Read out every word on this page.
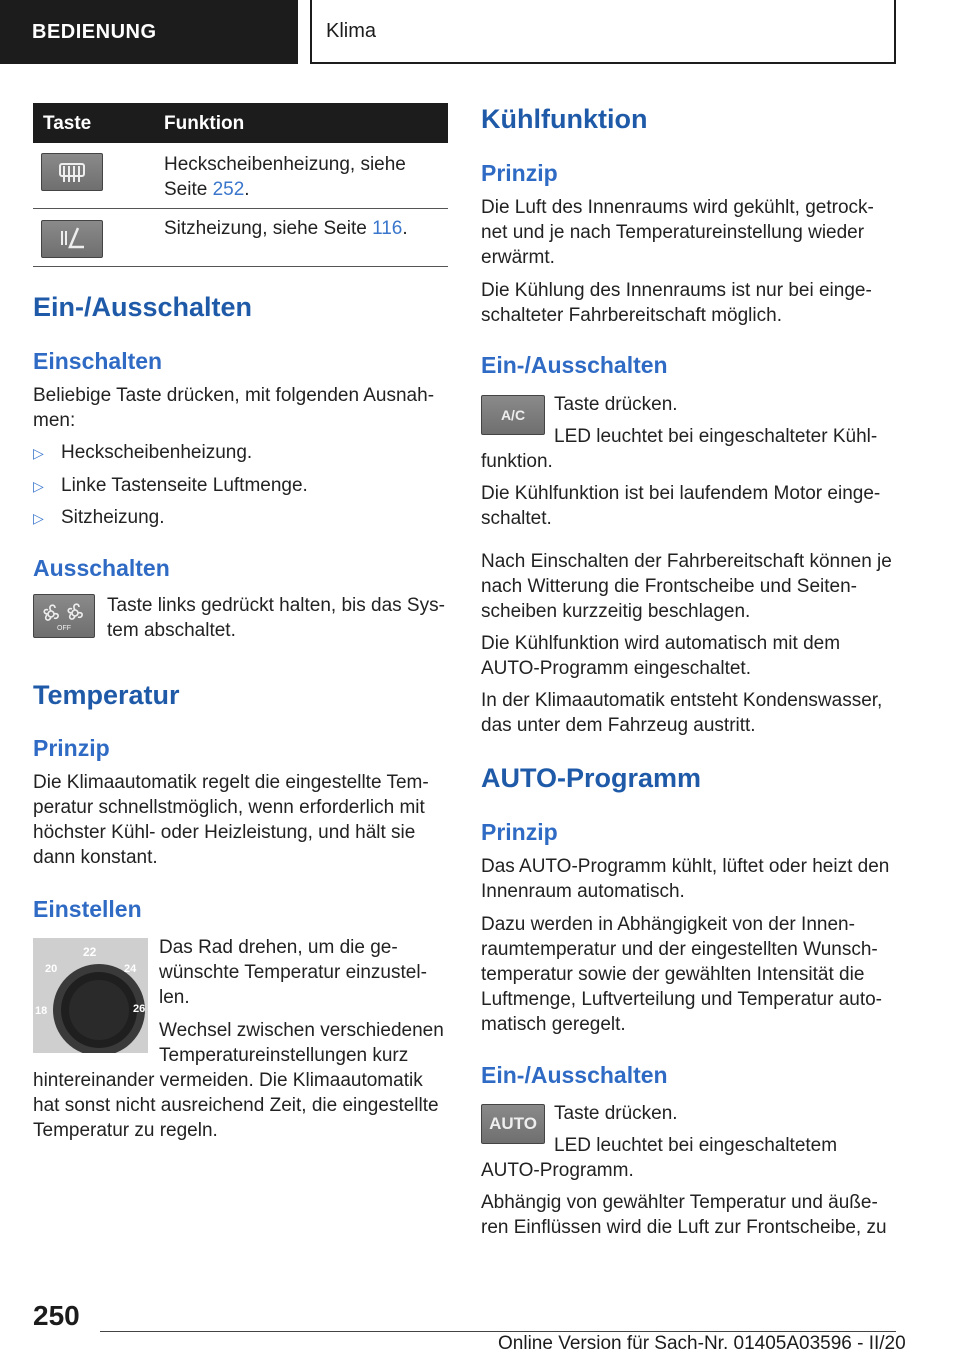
BEDIENUNG	Klima
Taste	Funktion
Heckscheibenheizung, siehe
Seite 252.
Sitzheizung, siehe Seite 116.
Ein-/Ausschalten
Einschalten
Beliebige Taste drücken, mit folgenden Ausnah-
men:
▷ Heckscheibenheizung.
▷ Linke Tastenseite Luftmenge.
▷ Sitzheizung.
Ausschalten
OFF
Taste links gedrückt halten, bis das Sys-
tem abschaltet.
Temperatur
Prinzip
Die Klimaautomatik regelt die eingestellte Tem-
peratur schnellstmöglich, wenn erforderlich mit
höchster Kühl- oder Heizleistung, und hält sie
dann konstant.
Einstellen
22
20	24
18	26
Das Rad drehen, um die ge-
wünschte Temperatur einzustel-
len.
Wechsel zwischen verschiedenen
Temperatureinstellungen kurz
hintereinander vermeiden. Die Klimaautomatik
hat sonst nicht ausreichend Zeit, die eingestellte
Temperatur zu regeln.
Kühlfunktion
Prinzip
Die Luft des Innenraums wird gekühlt, getrock-
net und je nach Temperatureinstellung wieder
erwärmt.
Die Kühlung des Innenraums ist nur bei einge-
schalteter Fahrbereitschaft möglich.
Ein-/Ausschalten
A/C Taste drücken.
LED leuchtet bei eingeschalteter Kühl-
funktion.
Die Kühlfunktion ist bei laufendem Motor einge-
schaltet.
Nach Einschalten der Fahrbereitschaft können je
nach Witterung die Frontscheibe und Seiten-
scheiben kurzzeitig beschlagen.
Die Kühlfunktion wird automatisch mit dem
AUTO-Programm eingeschaltet.
In der Klimaautomatik entsteht Kondenswasser,
das unter dem Fahrzeug austritt.
AUTO-Programm
Prinzip
Das AUTO-Programm kühlt, lüftet oder heizt den
Innenraum automatisch.
Dazu werden in Abhängigkeit von der Innen-
raumtemperatur und der eingestellten Wunsch-
temperatur sowie der gewählten Intensität die
Luftmenge, Luftverteilung und Temperatur auto-
matisch geregelt.
Ein-/Ausschalten
AUTO Taste drücken.
LED leuchtet bei eingeschaltetem
AUTO-Programm.
Abhängig von gewählter Temperatur und äuße-
ren Einflüssen wird die Luft zur Frontscheibe, zu
250
Online Version für Sach-Nr. 01405A03596 - II/20
